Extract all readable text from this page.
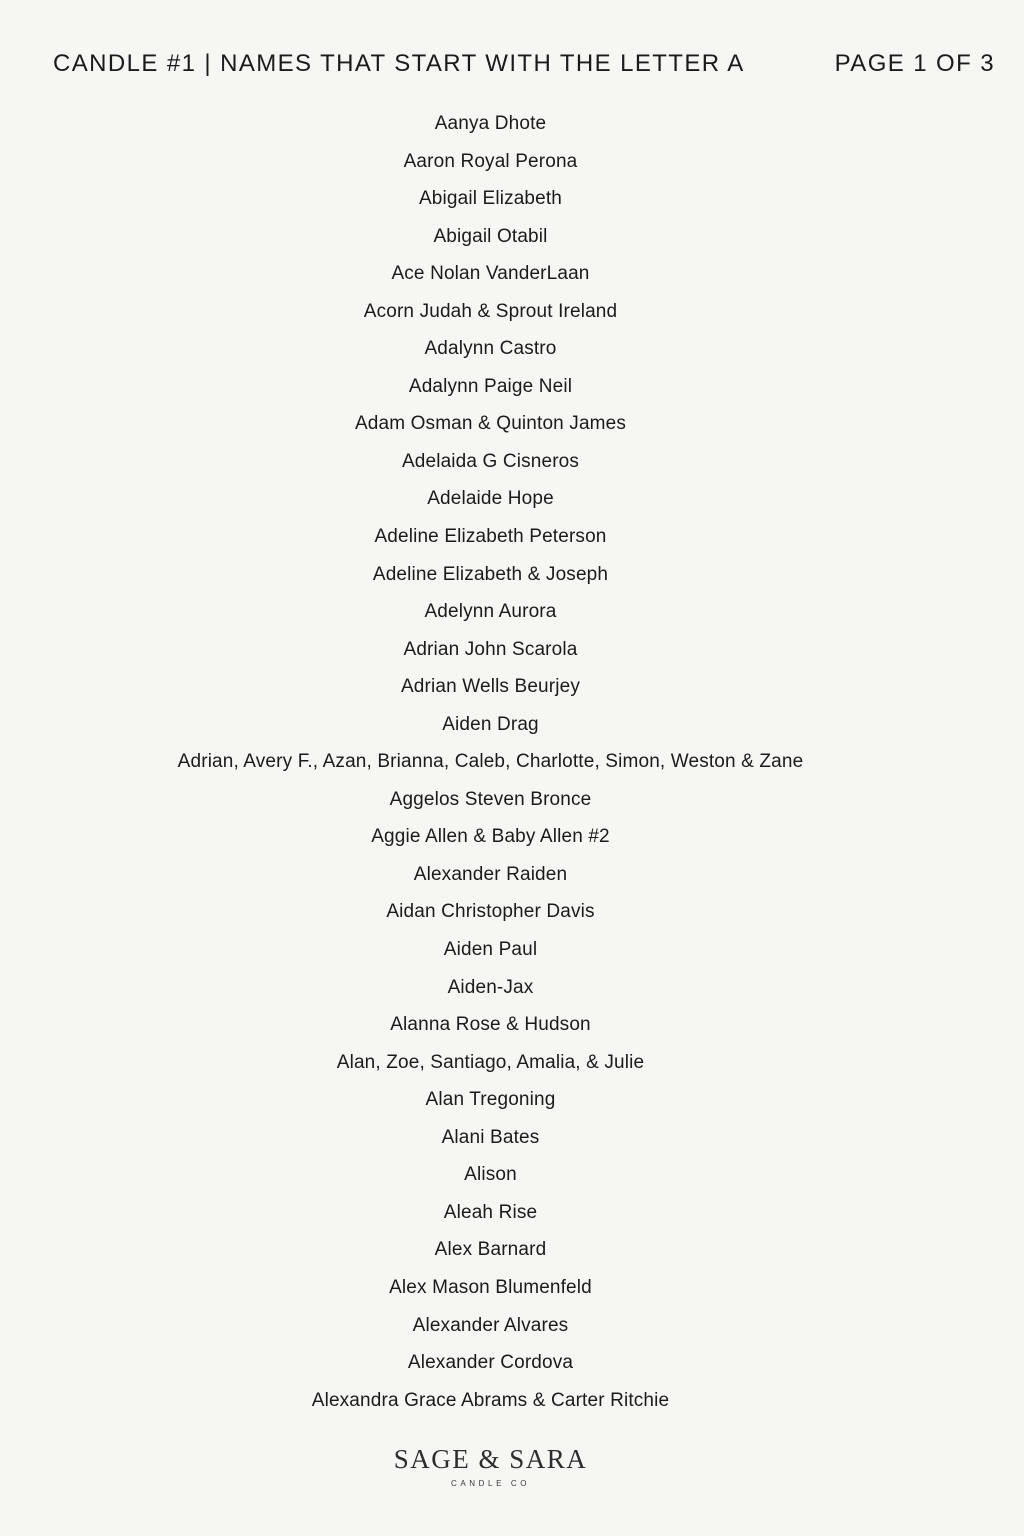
CANDLE #1 | NAMES THAT START WITH THE LETTER A	PAGE 1 OF 3
Aanya Dhote
Aaron Royal Perona
Abigail Elizabeth
Abigail Otabil
Ace Nolan VanderLaan
Acorn Judah & Sprout Ireland
Adalynn Castro
Adalynn Paige Neil
Adam Osman & Quinton James
Adelaida G Cisneros
Adelaide Hope
Adeline Elizabeth Peterson
Adeline Elizabeth & Joseph
Adelynn Aurora
Adrian John Scarola
Adrian Wells Beurjey
Aiden Drag
Adrian, Avery F., Azan, Brianna, Caleb, Charlotte, Simon, Weston & Zane
Aggelos Steven Bronce
Aggie Allen & Baby Allen #2
Alexander Raiden
Aidan Christopher Davis
Aiden Paul
Aiden-Jax
Alanna Rose & Hudson
Alan, Zoe, Santiago, Amalia, & Julie
Alan Tregoning
Alani Bates
Alison
Aleah Rise
Alex Barnard
Alex Mason Blumenfeld
Alexander Alvares
Alexander Cordova
Alexandra Grace Abrams & Carter Ritchie
SAGE & SARA
CANDLE CO
